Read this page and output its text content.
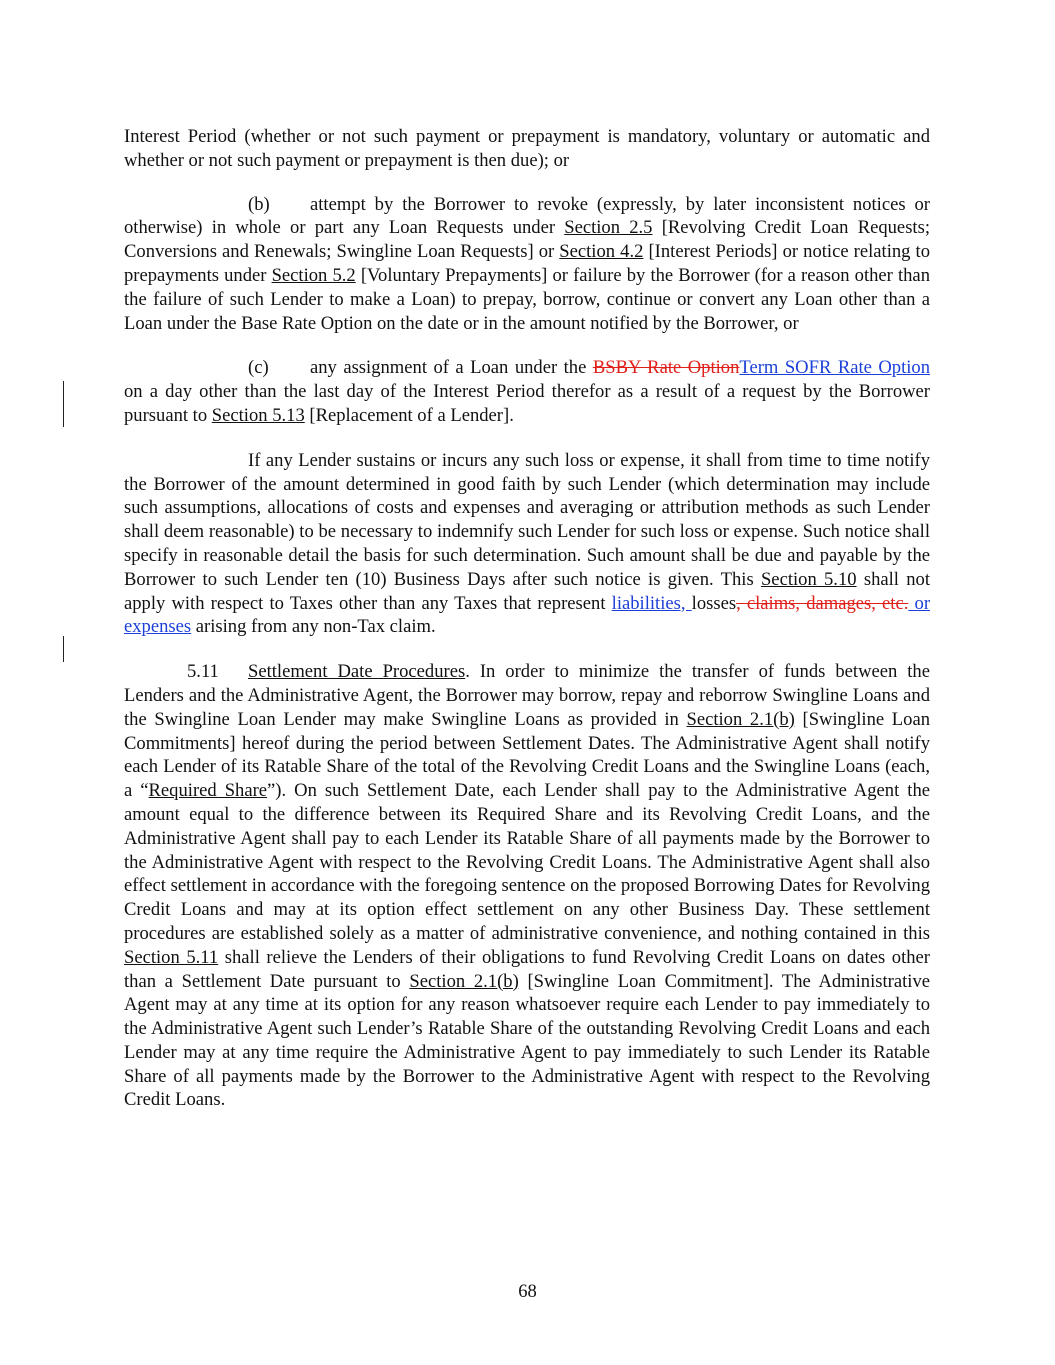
Interest Period (whether or not such payment or prepayment is mandatory, voluntary or automatic and whether or not such payment or prepayment is then due); or

(b) attempt by the Borrower to revoke (expressly, by later inconsistent notices or otherwise) in whole or part any Loan Requests under Section 2.5 [Revolving Credit Loan Requests; Conversions and Renewals; Swingline Loan Requests] or Section 4.2 [Interest Periods] or notice relating to prepayments under Section 5.2 [Voluntary Prepayments] or failure by the Borrower (for a reason other than the failure of such Lender to make a Loan) to prepay, borrow, continue or convert any Loan other than a Loan under the Base Rate Option on the date or in the amount notified by the Borrower, or

(c) any assignment of a Loan under the BSBY Rate OptionTerm SOFR Rate Option on a day other than the last day of the Interest Period therefor as a result of a request by the Borrower pursuant to Section 5.13 [Replacement of a Lender].

If any Lender sustains or incurs any such loss or expense, it shall from time to time notify the Borrower of the amount determined in good faith by such Lender (which determination may include such assumptions, allocations of costs and expenses and averaging or attribution methods as such Lender shall deem reasonable) to be necessary to indemnify such Lender for such loss or expense. Such notice shall specify in reasonable detail the basis for such determination. Such amount shall be due and payable by the Borrower to such Lender ten (10) Business Days after such notice is given. This Section 5.10 shall not apply with respect to Taxes other than any Taxes that represent liabilities, losses, claims, damages, etc. or expenses arising from any non-Tax claim.

5.11 Settlement Date Procedures. In order to minimize the transfer of funds between the Lenders and the Administrative Agent, the Borrower may borrow, repay and reborrow Swingline Loans and the Swingline Loan Lender may make Swingline Loans as provided in Section 2.1(b) [Swingline Loan Commitments] hereof during the period between Settlement Dates. The Administrative Agent shall notify each Lender of its Ratable Share of the total of the Revolving Credit Loans and the Swingline Loans (each, a “Required Share”). On such Settlement Date, each Lender shall pay to the Administrative Agent the amount equal to the difference between its Required Share and its Revolving Credit Loans, and the Administrative Agent shall pay to each Lender its Ratable Share of all payments made by the Borrower to the Administrative Agent with respect to the Revolving Credit Loans. The Administrative Agent shall also effect settlement in accordance with the foregoing sentence on the proposed Borrowing Dates for Revolving Credit Loans and may at its option effect settlement on any other Business Day. These settlement procedures are established solely as a matter of administrative convenience, and nothing contained in this Section 5.11 shall relieve the Lenders of their obligations to fund Revolving Credit Loans on dates other than a Settlement Date pursuant to Section 2.1(b) [Swingline Loan Commitment]. The Administrative Agent may at any time at its option for any reason whatsoever require each Lender to pay immediately to the Administrative Agent such Lender’s Ratable Share of the outstanding Revolving Credit Loans and each Lender may at any time require the Administrative Agent to pay immediately to such Lender its Ratable Share of all payments made by the Borrower to the Administrative Agent with respect to the Revolving Credit Loans.

68
